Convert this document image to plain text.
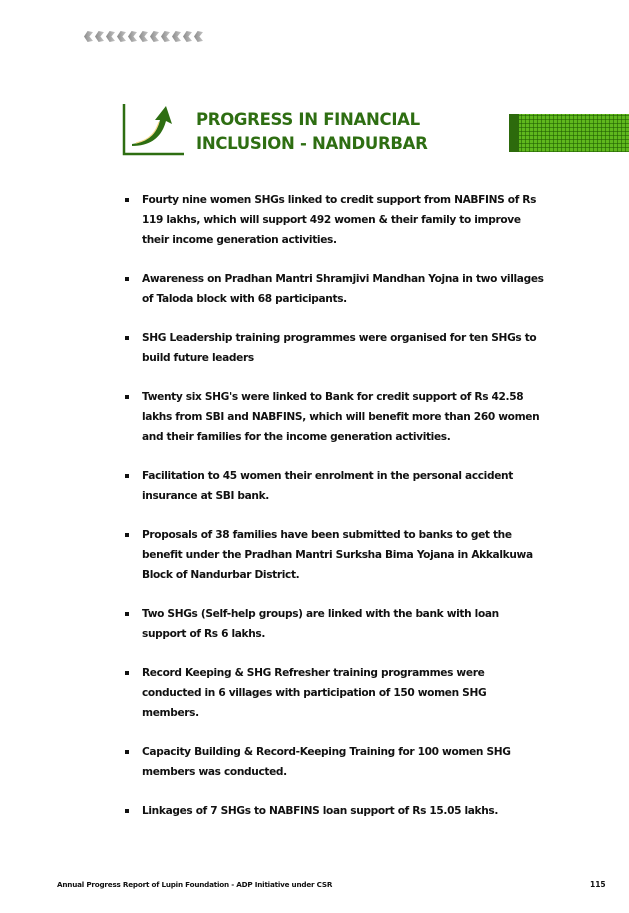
PROGRESS IN FINANCIAL
INCLUSION - NANDURBAR
Fourty nine women SHGs linked to credit support from NABFINS of Rs 119 lakhs, which will support 492 women & their family to improve their income generation activities.
Awareness on Pradhan Mantri Shramjivi Mandhan Yojna in two villages of Taloda block with 68 participants.
SHG Leadership training programmes were organised for ten SHGs to build future leaders
Twenty six SHG's were linked to Bank for credit support of Rs 42.58 lakhs from SBI and NABFINS, which will benefit more than 260 women and their families for the income generation activities.
Facilitation to 45 women their enrolment in the personal accident insurance at SBI bank.
Proposals of 38 families have been submitted to banks to get the benefit under the Pradhan Mantri Surksha Bima Yojana in Akkalkuwa Block of Nandurbar District.
Two SHGs (Self-help groups) are linked with the bank with loan support of Rs 6 lakhs.
Record Keeping & SHG Refresher training programmes were conducted in 6 villages with participation of 150 women SHG members.
Capacity Building & Record-Keeping Training for 100 women SHG members was conducted.
Linkages of 7 SHGs to NABFINS loan support of Rs 15.05 lakhs.
Annual Progress Report of Lupin Foundation - ADP Initiative under CSR	115
